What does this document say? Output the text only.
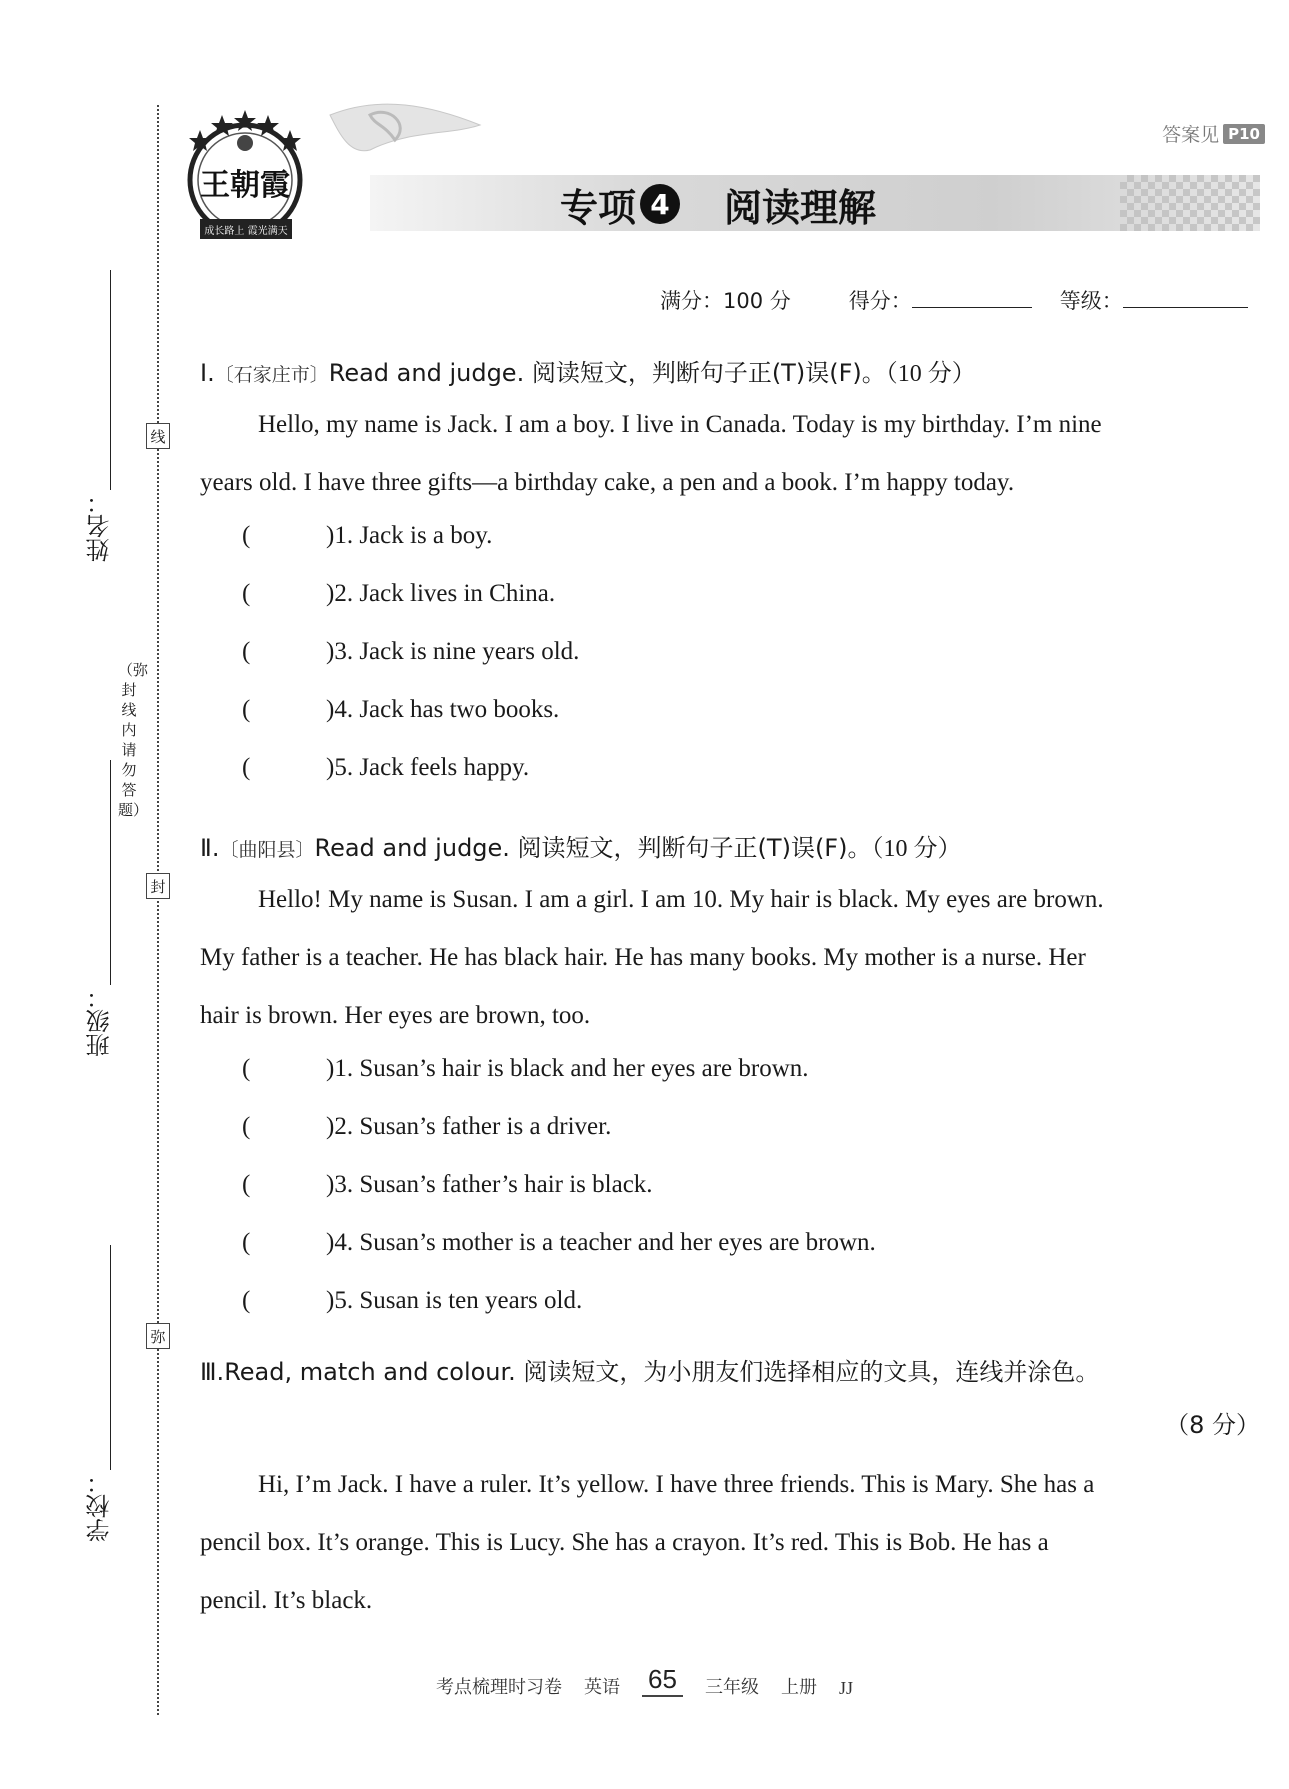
线
封
弥
（弥封线内请勿答题）
姓名：
班级：
学校：
答案见 P10
王朝霞
成长路上 霞光满天
专项 4 阅读理解
满分：100 分	得分：	等级：
Ⅰ.〔石家庄市〕Read and judge. 阅读短文，判断句子正(T)误(F)。（10 分）

Hello, my name is Jack. I am a boy. I live in Canada. Today is my birthday. I’m nine
years old. I have three gifts—a birthday cake, a pen and a book. I’m happy today.

(	)1. Jack is a boy.
(	)2. Jack lives in China.
(	)3. Jack is nine years old.
(	)4. Jack has two books.
(	)5. Jack feels happy.
Ⅱ.〔曲阳县〕Read and judge. 阅读短文，判断句子正(T)误(F)。（10 分）

Hello! My name is Susan. I am a girl. I am 10. My hair is black. My eyes are brown.
My father is a teacher. He has black hair. He has many books. My mother is a nurse. Her
hair is brown. Her eyes are brown, too.

(	)1. Susan’s hair is black and her eyes are brown.
(	)2. Susan’s father is a driver.
(	)3. Susan’s father’s hair is black.
(	)4. Susan’s mother is a teacher and her eyes are brown.
(	)5. Susan is ten years old.
Ⅲ.Read, match and colour. 阅读短文，为小朋友们选择相应的文具，连线并涂色。
（8 分）

Hi, I’m Jack. I have a ruler. It’s yellow. I have three friends. This is Mary. She has a
pencil box. It’s orange. This is Lucy. She has a crayon. It’s red. This is Bob. He has a
pencil. It’s black.

考点梳理时习卷 英语 65	三年级 上册 JJ
